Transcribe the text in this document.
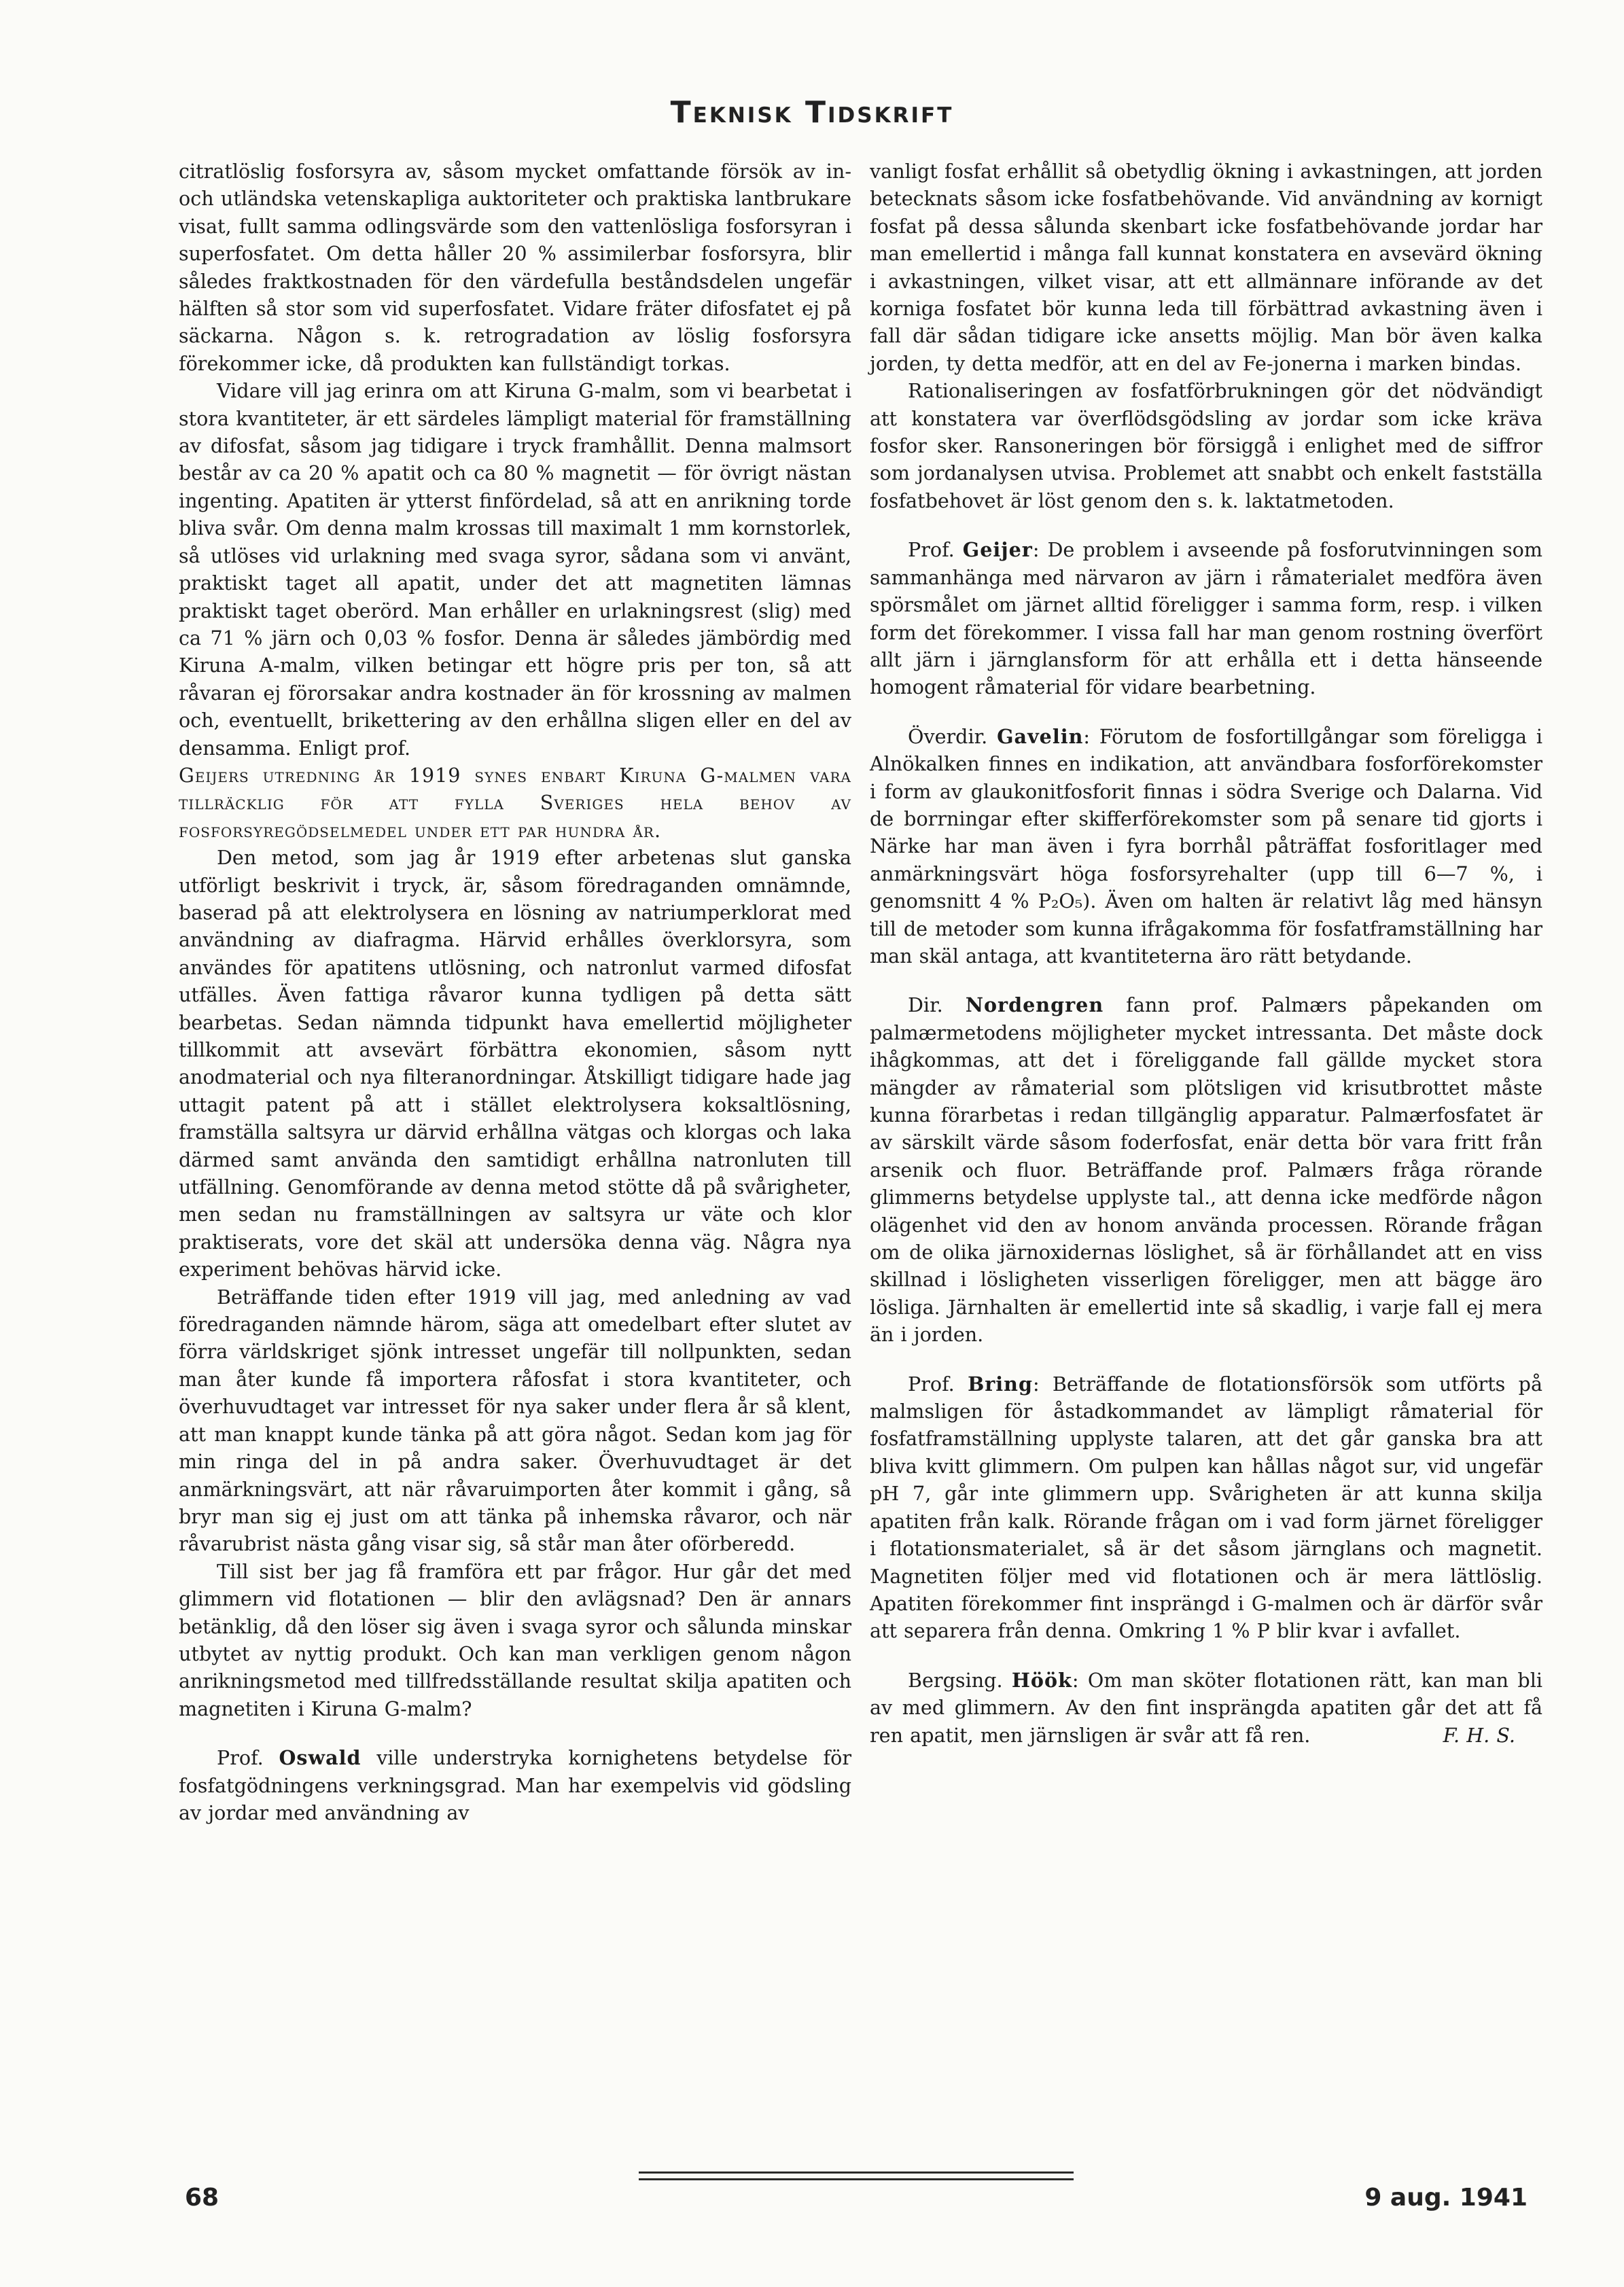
Teknisk Tidskrift

citratlöslig fosforsyra av, såsom mycket omfattande försök av in- och utländska vetenskapliga auktoriteter och praktiska lantbrukare visat, fullt samma odlingsvärde som den vattenlösliga fosforsyran i superfosfatet. Om detta håller 20 % assimilerbar fosforsyra, blir således fraktkostnaden för den värdefulla beståndsdelen ungefär hälften så stor som vid superfosfatet. Vidare fräter difosfatet ej på säckarna. Någon s. k. retrogradation av löslig fosforsyra förekommer icke, då produkten kan fullständigt torkas.

Vidare vill jag erinra om att Kiruna G-malm, som vi bearbetat i stora kvantiteter, är ett särdeles lämpligt material för framställning av difosfat, såsom jag tidigare i tryck framhållit. Denna malmsort består av ca 20 % apatit och ca 80 % magnetit — för övrigt nästan ingenting. Apatiten är ytterst finfördelad, så att en anrikning torde bliva svår. Om denna malm krossas till maximalt 1 mm kornstorlek, så utlöses vid urlakning med svaga syror, sådana som vi använt, praktiskt taget all apatit, under det att magnetiten lämnas praktiskt taget oberörd. Man erhåller en urlakningsrest (slig) med ca 71 % järn och 0,03 % fosfor. Denna är således jämbördig med Kiruna A-malm, vilken betingar ett högre pris per ton, så att råvaran ej förorsakar andra kostnader än för krossning av malmen och, eventuellt, brikettering av den erhållna sligen eller en del av densamma. Enligt prof.

Geijers utredning år 1919 synes enbart Kiruna G-malmen vara tillräcklig för att fylla Sveriges hela behov av fosforsyregödselmedel under ett par hundra år.

Den metod, som jag år 1919 efter arbetenas slut ganska utförligt beskrivit i tryck, är, såsom föredraganden omnämnde, baserad på att elektrolysera en lösning av natriumperklorat med användning av diafragma. Härvid erhålles överklorsyra, som användes för apatitens utlösning, och natronlut varmed difosfat utfälles. Även fattiga råvaror kunna tydligen på detta sätt bearbetas. Sedan nämnda tidpunkt hava emellertid möjligheter tillkommit att avsevärt förbättra ekonomien, såsom nytt anodmaterial och nya filteranordningar. Åtskilligt tidigare hade jag uttagit patent på att i stället elektrolysera koksaltlösning, framställa saltsyra ur därvid erhållna vätgas och klorgas och laka därmed samt använda den samtidigt erhållna natronluten till utfällning. Genomförande av denna metod stötte då på svårigheter, men sedan nu framställningen av saltsyra ur väte och klor praktiserats, vore det skäl att undersöka denna väg. Några nya experiment behövas härvid icke.

Beträffande tiden efter 1919 vill jag, med anledning av vad föredraganden nämnde härom, säga att omedelbart efter slutet av förra världskriget sjönk intresset ungefär till nollpunkten, sedan man åter kunde få importera råfosfat i stora kvantiteter, och överhuvudtaget var intresset för nya saker under flera år så klent, att man knappt kunde tänka på att göra något. Sedan kom jag för min ringa del in på andra saker. Överhuvudtaget är det anmärkningsvärt, att när råvaruimporten åter kommit i gång, så bryr man sig ej just om att tänka på inhemska råvaror, och när råvarubrist nästa gång visar sig, så står man åter oförberedd.

Till sist ber jag få framföra ett par frågor. Hur går det med glimmern vid flotationen — blir den avlägsnad? Den är annars betänklig, då den löser sig även i svaga syror och sålunda minskar utbytet av nyttig produkt. Och kan man verkligen genom någon anrikningsmetod med tillfredsställande resultat skilja apatiten och magnetiten i Kiruna G-malm?

Prof. Oswald ville understryka kornighetens betydelse för fosfatgödningens verkningsgrad. Man har exempelvis vid gödsling av jordar med användning av

vanligt fosfat erhållit så obetydlig ökning i avkastningen, att jorden betecknats såsom icke fosfatbehövande. Vid användning av kornigt fosfat på dessa sålunda skenbart icke fosfatbehövande jordar har man emellertid i många fall kunnat konstatera en avsevärd ökning i avkastningen, vilket visar, att ett allmännare införande av det korniga fosfatet bör kunna leda till förbättrad avkastning även i fall där sådan tidigare icke ansetts möjlig. Man bör även kalka jorden, ty detta medför, att en del av Fe-jonerna i marken bindas.

Rationaliseringen av fosfatförbrukningen gör det nödvändigt att konstatera var överflödsgödsling av jordar som icke kräva fosfor sker. Ransoneringen bör försiggå i enlighet med de siffror som jordanalysen utvisa. Problemet att snabbt och enkelt fastställa fosfatbehovet är löst genom den s. k. laktatmetoden.

Prof. Geijer: De problem i avseende på fosforutvinningen som sammanhänga med närvaron av järn i råmaterialet medföra även spörsmålet om järnet alltid föreligger i samma form, resp. i vilken form det förekommer. I vissa fall har man genom rostning överfört allt järn i järnglansform för att erhålla ett i detta hänseende homogent råmaterial för vidare bearbetning.

Överdir. Gavelin: Förutom de fosfortillgångar som föreligga i Alnökalken finnes en indikation, att användbara fosforförekomster i form av glaukonitfosforit finnas i södra Sverige och Dalarna. Vid de borrningar efter skifferförekomster som på senare tid gjorts i Närke har man även i fyra borrhål påträffat fosforitlager med anmärkningsvärt höga fosforsyrehalter (upp till 6—7 %, i genomsnitt 4 % P₂O₅). Även om halten är relativt låg med hänsyn till de metoder som kunna ifrågakomma för fosfatframställning har man skäl antaga, att kvantiteterna äro rätt betydande.

Dir. Nordengren fann prof. Palmærs påpekanden om palmærmetodens möjligheter mycket intressanta. Det måste dock ihågkommas, att det i föreliggande fall gällde mycket stora mängder av råmaterial som plötsligen vid krisutbrottet måste kunna förarbetas i redan tillgänglig apparatur. Palmærfosfatet är av särskilt värde såsom foderfosfat, enär detta bör vara fritt från arsenik och fluor. Beträffande prof. Palmærs fråga rörande glimmerns betydelse upplyste tal., att denna icke medförde någon olägenhet vid den av honom använda processen. Rörande frågan om de olika järnoxidernas löslighet, så är förhållandet att en viss skillnad i lösligheten visserligen föreligger, men att bägge äro lösliga. Järnhalten är emellertid inte så skadlig, i varje fall ej mera än i jorden.

Prof. Bring: Beträffande de flotationsförsök som utförts på malmsligen för åstadkommandet av lämpligt råmaterial för fosfatframställning upplyste talaren, att det går ganska bra att bliva kvitt glimmern. Om pulpen kan hållas något sur, vid ungefär pH 7, går inte glimmern upp. Svårigheten är att kunna skilja apatiten från kalk. Rörande frågan om i vad form järnet föreligger i flotationsmaterialet, så är det såsom järnglans och magnetit. Magnetiten följer med vid flotationen och är mera lättlöslig. Apatiten förekommer fint insprängd i G-malmen och är därför svår att separera från denna. Omkring 1 % P blir kvar i avfallet.

Bergsing. Höök: Om man sköter flotationen rätt, kan man bli av med glimmern. Av den fint insprängda apatiten går det att få ren apatit, men järnsligen är svår att få ren.	F. H. S.

68	9 aug. 1941
